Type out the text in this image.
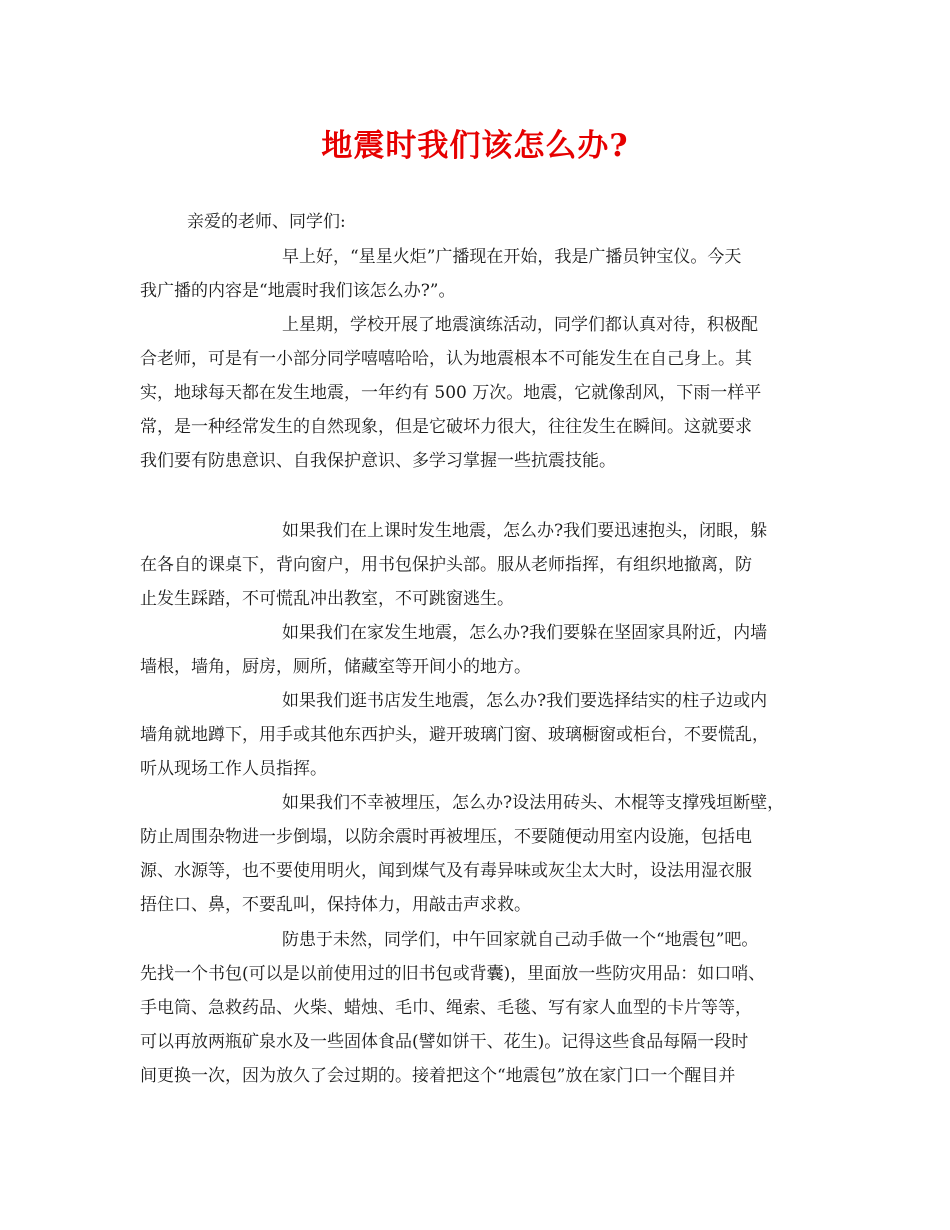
地震时我们该怎么办?
亲爱的老师、同学们:
早上好，“星星火炬”广播现在开始，我是广播员钟宝仪。今天
我广播的内容是“地震时我们该怎么办?”。
上星期，学校开展了地震演练活动，同学们都认真对待，积极配
合老师，可是有一小部分同学嘻嘻哈哈，认为地震根本不可能发生在自己身上。其
实，地球每天都在发生地震，一年约有 500 万次。地震，它就像刮风，下雨一样平
常，是一种经常发生的自然现象，但是它破坏力很大，往往发生在瞬间。这就要求
我们要有防患意识、自我保护意识、多学习掌握一些抗震技能。
如果我们在上课时发生地震，怎么办?我们要迅速抱头，闭眼，躲
在各自的课桌下，背向窗户，用书包保护头部。服从老师指挥，有组织地撤离，防
止发生踩踏，不可慌乱冲出教室，不可跳窗逃生。
如果我们在家发生地震，怎么办?我们要躲在坚固家具附近，内墙
墙根，墙角，厨房，厕所，储藏室等开间小的地方。
如果我们逛书店发生地震，怎么办?我们要选择结实的柱子边或内
墙角就地蹲下，用手或其他东西护头，避开玻璃门窗、玻璃橱窗或柜台，不要慌乱，
听从现场工作人员指挥。
如果我们不幸被埋压，怎么办?设法用砖头、木棍等支撑残垣断壁，
防止周围杂物进一步倒塌，以防余震时再被埋压，不要随便动用室内设施，包括电
源、水源等，也不要使用明火，闻到煤气及有毒异味或灰尘太大时，设法用湿衣服
捂住口、鼻，不要乱叫，保持体力，用敲击声求救。
防患于未然，同学们，中午回家就自己动手做一个“地震包”吧。
先找一个书包(可以是以前使用过的旧书包或背囊)，里面放一些防灾用品：如口哨、
手电筒、急救药品、火柴、蜡烛、毛巾、绳索、毛毯、写有家人血型的卡片等等，
可以再放两瓶矿泉水及一些固体食品(譬如饼干、花生)。记得这些食品每隔一段时
间更换一次，因为放久了会过期的。接着把这个“地震包”放在家门口一个醒目并
